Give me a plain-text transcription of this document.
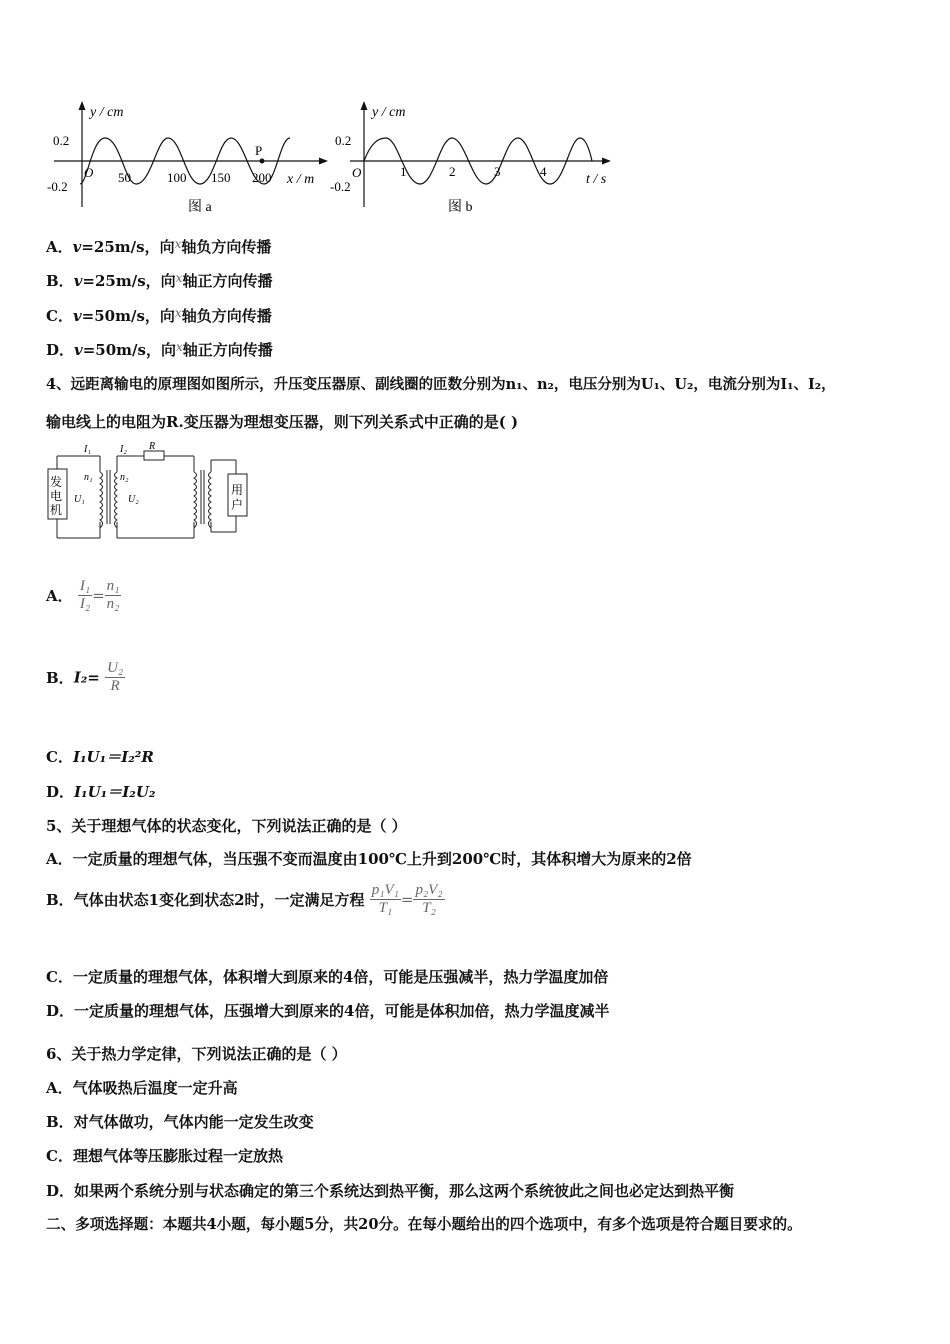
y / cm
0.2
-0.2
O 50	100 150 200
P
x / m
图 a
y / cm
0.2
-0.2
O	1	2	3	4
t / s
图 b
A．v=25m/s，向$^x$轴负方向传播
B．v=25m/s，向$^x$轴正方向传播
C．v=50m/s，向$^x$轴负方向传播
D．v=50m/s，向$^x$轴正方向传播
4、远距离输电的原理图如图所示，升压变压器原、副线圈的匝数分别为n₁、n₂，电压分别为U₁、U₂，电流分别为I₁、I₂，
输电线上的电阻为R.变压器为理想变压器，则下列关系式中正确的是( )
发
电
机
用
户
I₁	I₂ R
n₁	n₂
U₁	U₂
A． $\frac{\text{I₁}}{\text{I₂}} = \frac{\text{n₁}}{\text{n₂}}$
B．$I_2= \frac{\text{U₂}}{R}$
C．I₁U₁＝I₂²R
D．I₁U₁＝I₂U₂
5、关于理想气体的状态变化，下列说法正确的是（ ）
A．一定质量的理想气体，当压强不变而温度由100℃上升到200℃时，其体积增大为原来的2倍
B．气体由状态1变化到状态2时，一定满足方程 $\frac{\text{p₁V₁}}{\text{T₁}} = \frac{\text{p₂V₂}}{\text{T₂}}$
C．一定质量的理想气体，体积增大到原来的4倍，可能是压强减半，热力学温度加倍
D．一定质量的理想气体，压强增大到原来的4倍，可能是体积加倍，热力学温度减半
6、关于热力学定律，下列说法正确的是（ ）
A．气体吸热后温度一定升高
B．对气体做功，气体内能一定发生改变
C．理想气体等压膨胀过程一定放热
D．如果两个系统分别与状态确定的第三个系统达到热平衡，那么这两个系统彼此之间也必定达到热平衡
二、多项选择题：本题共4小题，每小题5分，共20分。在每小题给出的四个选项中，有多个选项是符合题目要求的。
